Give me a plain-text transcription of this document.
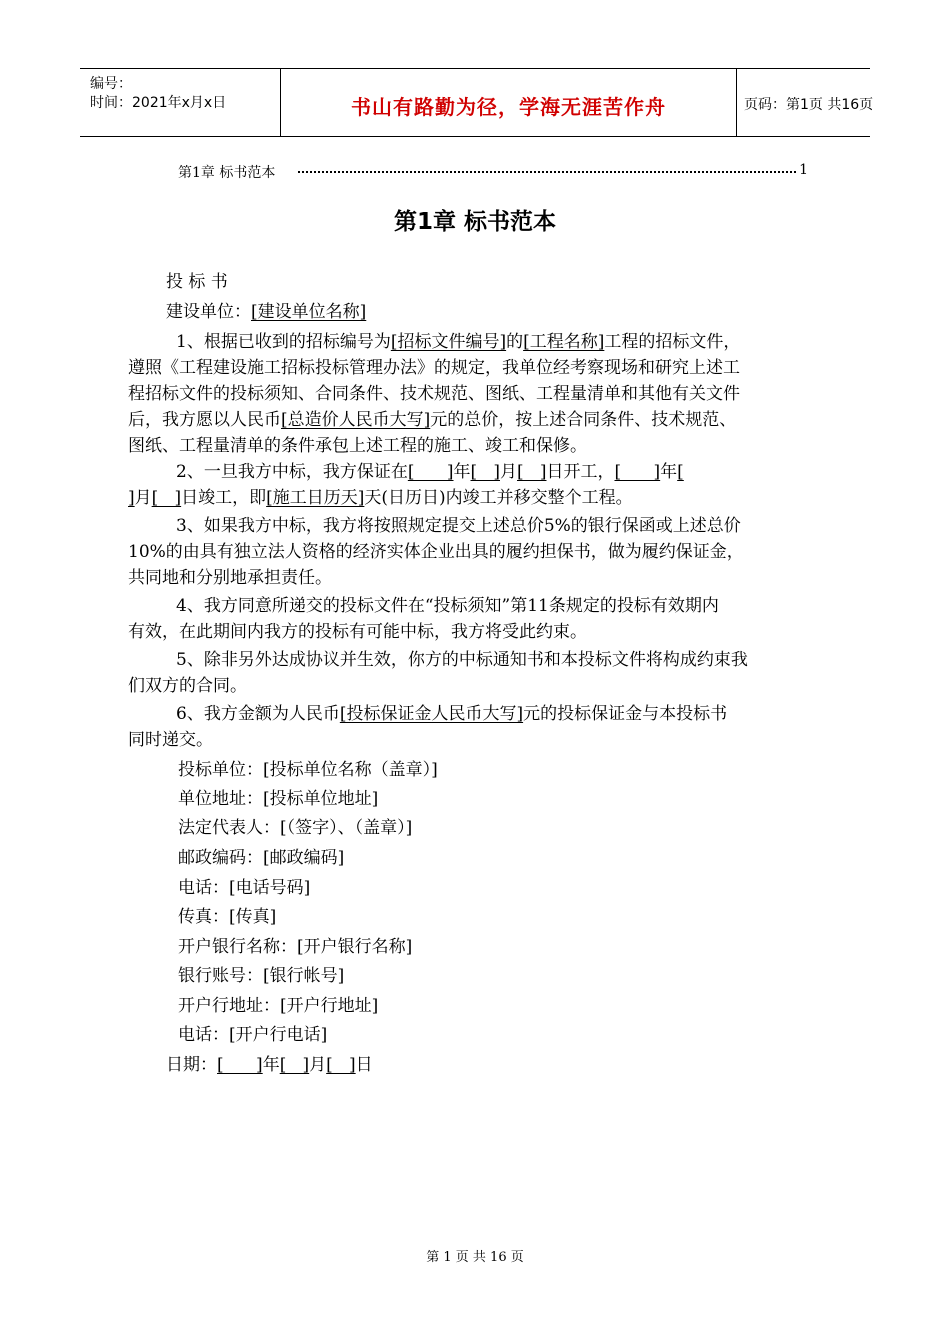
编号：
时间：2021年x月x日	书山有路勤为径，学海无涯苦作舟	页码：第1页 共16页
第1章 标书范本	1
第1章 标书范本
投 标 书
建设单位：[建设单位名称]
1、根据已收到的招标编号为[招标文件编号]的[工程名称]工程的招标文件，
遵照《工程建设施工招标投标管理办法》的规定，我单位经考察现场和研究上述工
程招标文件的投标须知、合同条件、技术规范、图纸、工程量清单和其他有关文件
后，我方愿以人民币[总造价人民币大写]元的总价，按上述合同条件、技术规范、
图纸、工程量清单的条件承包上述工程的施工、竣工和保修。
2、一旦我方中标，我方保证在[      ]年[   ]月[   ]日开工，[      ]年[
]月[   ]日竣工，即[施工日历天]天(日历日)内竣工并移交整个工程。
3、如果我方中标，我方将按照规定提交上述总价5%的银行保函或上述总价
10%的由具有独立法人资格的经济实体企业出具的履约担保书，做为履约保证金，
共同地和分别地承担责任。
4、我方同意所递交的投标文件在“投标须知”第11条规定的投标有效期内
有效，在此期间内我方的投标有可能中标，我方将受此约束。
5、除非另外达成协议并生效，你方的中标通知书和本投标文件将构成约束我
们双方的合同。
6、我方金额为人民币[投标保证金人民币大写]元的投标保证金与本投标书
同时递交。
投标单位：[投标单位名称（盖章）]
单位地址：[投标单位地址]
法定代表人：[（签字）、（盖章）]
邮政编码：[邮政编码]
电话：[电话号码]
传真：[传真]
开户银行名称：[开户银行名称]
银行账号：[银行帐号]
开户行地址：[开户行地址]
电话：[开户行电话]
日期：[      ]年[   ]月[   ]日
第 1 页 共 16 页
